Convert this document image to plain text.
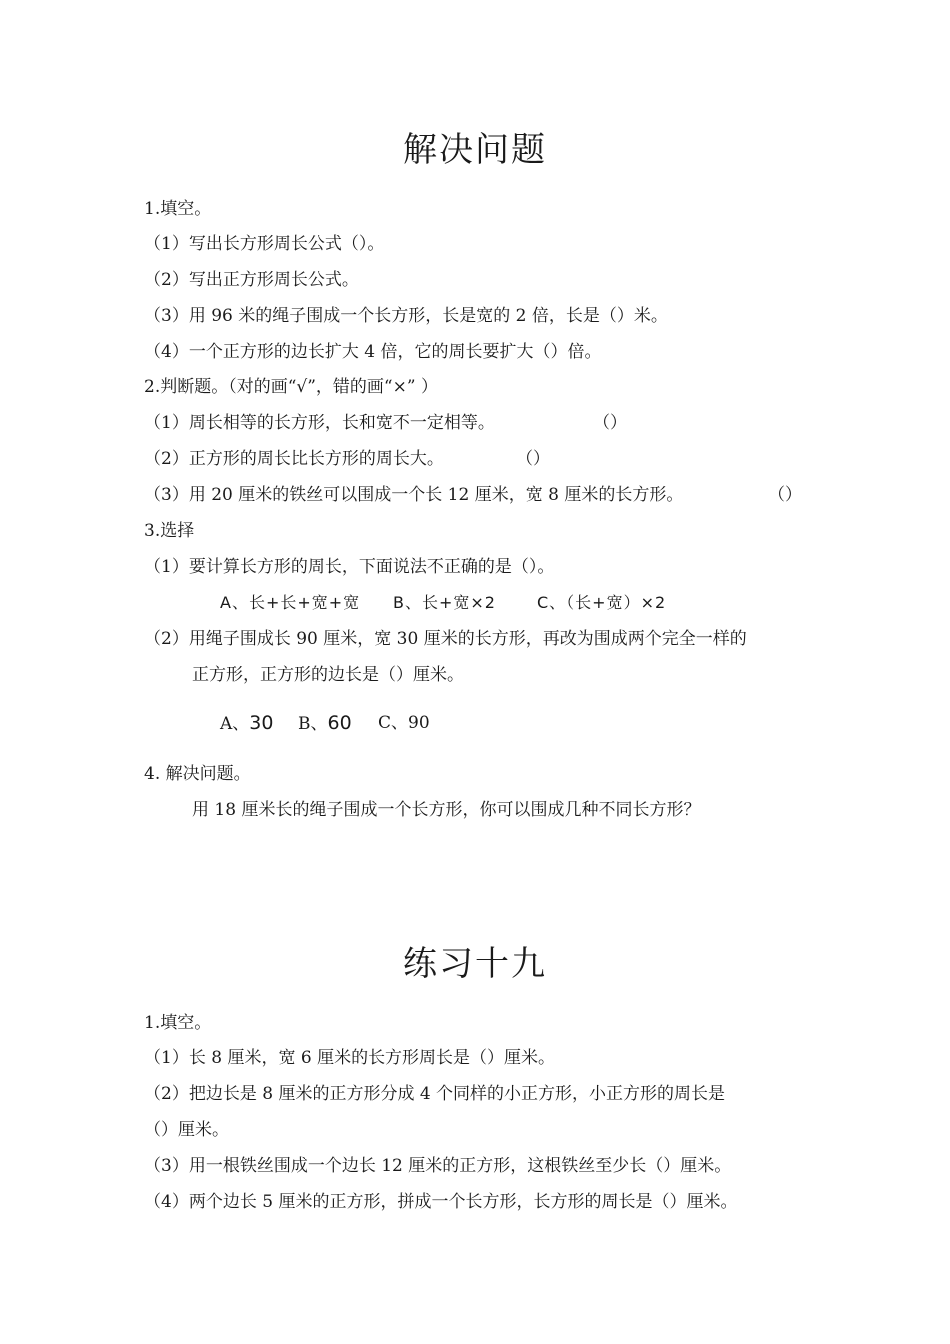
解决问题
1.填空。
（1）写出长方形周长公式（）。
（2）写出正方形周长公式。
（3）用 96 米的绳子围成一个长方形，长是宽的 2 倍，长是（）米。
（4）一个正方形的边长扩大 4 倍，它的周长要扩大（）倍。
2.判断题。（对的画“√”，错的画“×” ）
（1）周长相等的长方形，长和宽不一定相等。	（）
（2）正方形的周长比长方形的周长大。	（）
（3）用 20 厘米的铁丝可以围成一个长 12 厘米，宽 8 厘米的长方形。	（）
3.选择
（1）要计算长方形的周长，下面说法不正确的是（）。
A、长+长+宽+宽 B、长+宽×2	C、（长+宽）×2
（2）用绳子围成长 90 厘米，宽 30 厘米的长方形，再改为围成两个完全一样的
正方形，正方形的边长是（）厘米。
A、30 B、60 C、90
4. 解决问题。
用 18 厘米长的绳子围成一个长方形，你可以围成几种不同长方形？
练习十九
1.填空。
（1）长 8 厘米，宽 6 厘米的长方形周长是（）厘米。
（2）把边长是 8 厘米的正方形分成 4 个同样的小正方形，小正方形的周长是
（）厘米。
（3）用一根铁丝围成一个边长 12 厘米的正方形，这根铁丝至少长（）厘米。
（4）两个边长 5 厘米的正方形，拼成一个长方形，长方形的周长是（）厘米。
